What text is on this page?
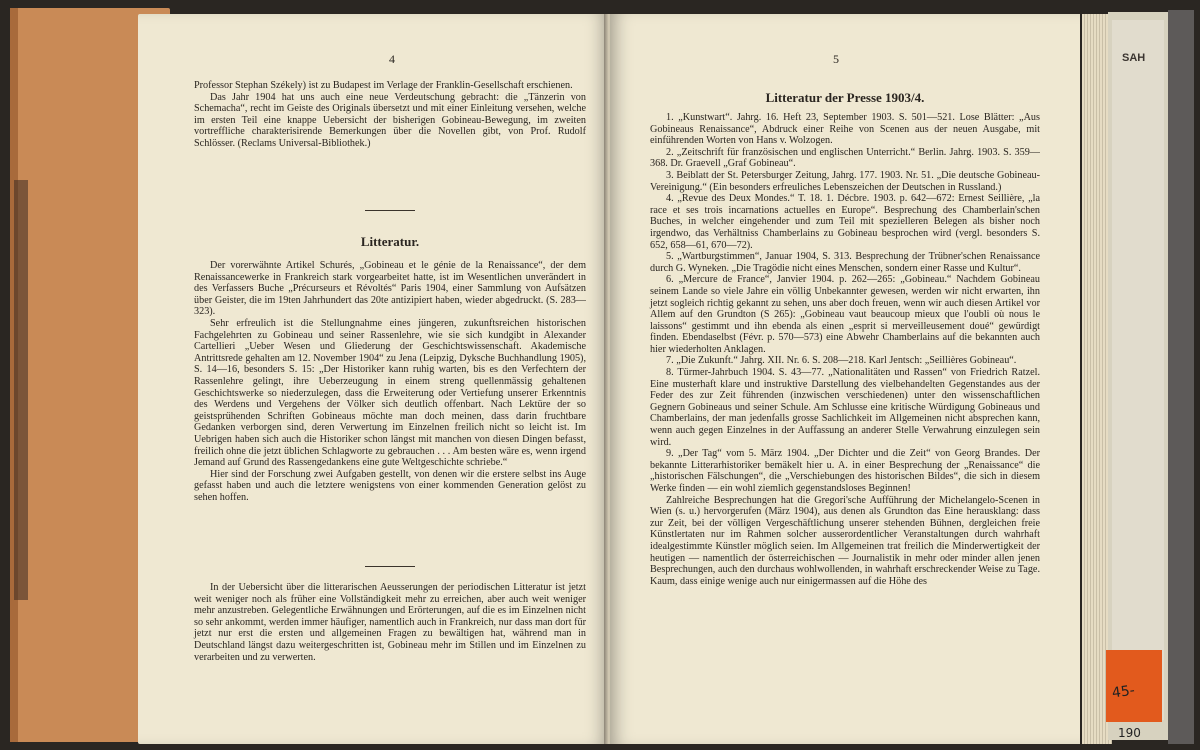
4

Professor Stephan Székely) ist zu Budapest im Verlage der Franklin-Gesellschaft erschienen.

Das Jahr 1904 hat uns auch eine neue Verdeutschung gebracht: die „Tänzerin von Schemacha“, recht im Geiste des Originals übersetzt und mit einer Einleitung versehen, welche im ersten Teil eine knappe Uebersicht der bisherigen Gobineau-Bewegung, im zweiten vortreffliche charakterisirende Bemerkungen über die Novellen gibt, von Prof. Rudolf Schlösser. (Reclams Universal-Bibliothek.)

Litteratur.

Der vorerwähnte Artikel Schurés, „Gobineau et le génie de la Renaissance“, der dem Renaissancewerke in Frankreich stark vorgearbeitet hatte, ist im Wesentlichen unverändert in des Verfassers Buche „Précurseurs et Révoltés“ Paris 1904, einer Sammlung von Aufsätzen über Geister, die im 19ten Jahrhundert das 20te antizipiert haben, wieder abgedruckt. (S. 283—323).

Sehr erfreulich ist die Stellungnahme eines jüngeren, zukunftsreichen historischen Fachgelehrten zu Gobineau und seiner Rassenlehre, wie sie sich kundgibt in Alexander Cartellieri „Ueber Wesen und Gliederung der Geschichtswissenschaft. Akademische Antrittsrede gehalten am 12. November 1904“ zu Jena (Leipzig, Dyksche Buchhandlung 1905), S. 14—16, besonders S. 15: „Der Historiker kann ruhig warten, bis es den Verfechtern der Rassenlehre gelingt, ihre Ueberzeugung in einem streng quellenmässig gehaltenen Geschichtswerke so niederzulegen, dass die Erweiterung oder Vertiefung unserer Erkenntnis des Werdens und Vergehens der Völker sich deutlich offenbart. Nach Lektüre der so geistsprühenden Schriften Gobineaus möchte man doch meinen, dass darin fruchtbare Gedanken verborgen sind, deren Verwertung im Einzelnen freilich nicht so leicht ist. Im Uebrigen haben sich auch die Historiker schon längst mit manchen von diesen Dingen befasst, freilich ohne die jetzt üblichen Schlagworte zu gebrauchen . . . Am besten wäre es, wenn irgend Jemand auf Grund des Rassengedankens eine gute Weltgeschichte schriebe.“

Hier sind der Forschung zwei Aufgaben gestellt, von denen wir die erstere selbst ins Auge gefasst haben und auch die letztere wenigstens von einer kommenden Generation gelöst zu sehen hoffen.

In der Uebersicht über die litterarischen Aeusserungen der periodischen Litteratur ist jetzt weit weniger noch als früher eine Vollständigkeit mehr zu erreichen, aber auch weit weniger mehr anzustreben. Gelegentliche Erwähnungen und Erörterungen, auf die es im Einzelnen nicht so sehr ankommt, werden immer häufiger, namentlich auch in Frankreich, nur dass man dort für jetzt nur erst die ersten und allgemeinen Fragen zu bewältigen hat, während man in Deutschland längst dazu weitergeschritten ist, Gobineau mehr im Stillen und im Einzelnen zu verarbeiten und zu verwerten.

5
Litteratur der Presse 1903/4.

1. „Kunstwart“. Jahrg. 16. Heft 23, September 1903. S. 501—521. Lose Blätter: „Aus Gobineaus Renaissance“, Abdruck einer Reihe von Scenen aus der neuen Ausgabe, mit einführenden Worten von Hans v. Wolzogen.

2. „Zeitschrift für französischen und englischen Unterricht.“ Berlin. Jahrg. 1903. S. 359—368. Dr. Graevell „Graf Gobineau“.

3. Beiblatt der St. Petersburger Zeitung, Jahrg. 177. 1903. Nr. 51. „Die deutsche Gobineau-Vereinigung.“ (Ein besonders erfreuliches Lebenszeichen der Deutschen in Russland.)

4. „Revue des Deux Mondes.“ T. 18. 1. Décbre. 1903. p. 642—672: Ernest Seillière, „la race et ses trois incarnations actuelles en Europe“. Besprechung des Chamberlain'schen Buches, in welcher eingehender und zum Teil mit spezielleren Belegen als bisher noch irgendwo, das Verhältniss Chamberlains zu Gobineau besprochen wird (vergl. besonders S. 652, 658—61, 670—72).

5. „Wartburgstimmen“, Januar 1904, S. 313. Besprechung der Trübner'schen Renaissance durch G. Wyneken. „Die Tragödie nicht eines Menschen, sondern einer Rasse und Kultur“.

6. „Mercure de France“, Janvier 1904. p. 262—265: „Gobineau.“ Nachdem Gobineau seinem Lande so viele Jahre ein völlig Unbekannter gewesen, werden wir nicht erwarten, ihn jetzt sogleich richtig gekannt zu sehen, uns aber doch freuen, wenn wir auch diesen Artikel vor Allem auf den Grundton (S 265): „Gobineau vaut beaucoup mieux que l'oubli où nous le laissons“ gestimmt und ihn ebenda als einen „esprit si merveilleusement doué“ gewürdigt finden. Ebendaselbst (Févr. p. 570—573) eine Abwehr Chamberlains auf die bekannten auch hier wiederholten Anklagen.

7. „Die Zukunft.“ Jahrg. XII. Nr. 6. S. 208—218. Karl Jentsch: „Seillières Gobineau“.

8. Türmer-Jahrbuch 1904. S. 43—77. „Nationalitäten und Rassen“ von Friedrich Ratzel. Eine musterhaft klare und instruktive Darstellung des vielbehandelten Gegenstandes aus der Feder des zur Zeit führenden (inzwischen verschiedenen) unter den wissenschaftlichen Gegnern Gobineaus und seiner Schule. Am Schlusse eine kritische Würdigung Gobineaus und Chamberlains, der man jedenfalls grosse Sachlichkeit im Allgemeinen nicht absprechen kann, wenn auch gegen Einzelnes in der Auffassung an anderer Stelle Verwahrung einzulegen sein wird.

9. „Der Tag“ vom 5. März 1904. „Der Dichter und die Zeit“ von Georg Brandes. Der bekannte Litterarhistoriker bemäkelt hier u. A. in einer Besprechung der „Renaissance“ die „historischen Fälschungen“, die „Verschiebungen des historischen Bildes“, die sich in diesem Werke finden — ein wohl ziemlich gegenstandsloses Beginnen!

Zahlreiche Besprechungen hat die Gregori'sche Aufführung der Michelangelo-Scenen in Wien (s. u.) hervorgerufen (März 1904), aus denen als Grundton das Eine herausklang: dass zur Zeit, bei der völligen Vergeschäftlichung unserer stehenden Bühnen, dergleichen freie Künstlertaten nur im Rahmen solcher ausserordentlicher Veranstaltungen durch wahrhaft idealgestimmte Künstler möglich seien. Im Allgemeinen trat freilich die Minderwertigkeit der heutigen — namentlich der österreichischen — Journalistik in mehr oder minder allen jenen Besprechungen, auch den durchaus wohlwollenden, in wahrhaft erschreckender Weise zu Tage. Kaum, dass einige wenige auch nur einigermassen auf die Höhe des

SAH
45-
190
